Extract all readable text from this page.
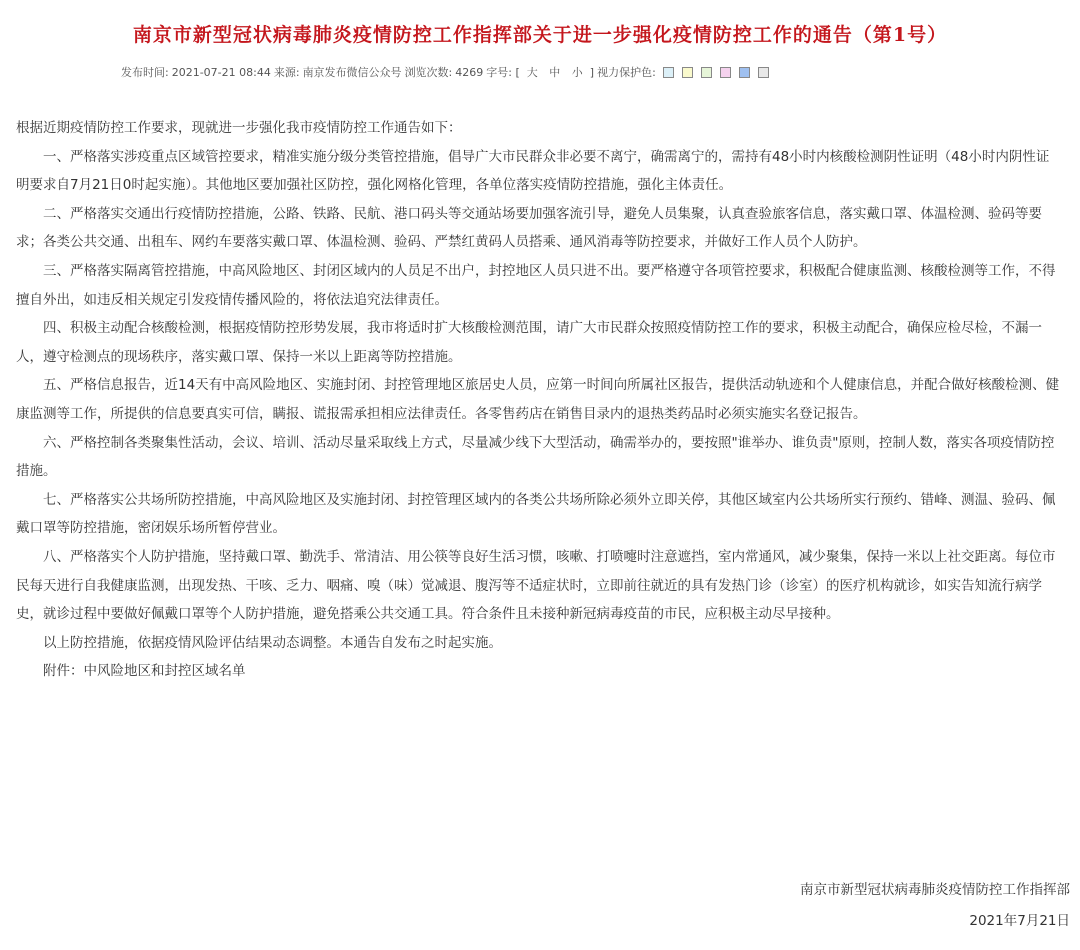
南京市新型冠状病毒肺炎疫情防控工作指挥部关于进一步强化疫情防控工作的通告（第1号）
发布时间: 2021-07-21 08:44 来源: 南京发布微信公众号 浏览次数: 4269 字号: [ 大 中 小 ] 视力保护色:

根据近期疫情防控工作要求，现就进一步强化我市疫情防控工作通告如下：

一、严格落实涉疫重点区域管控要求，精准实施分级分类管控措施，倡导广大市民群众非必要不离宁，确需离宁的，需持有48小时内核酸检测阴性证明（48小时内阴性证明要求自7月21日0时起实施）。其他地区要加强社区防控，强化网格化管理，各单位落实疫情防控措施，强化主体责任。

二、严格落实交通出行疫情防控措施，公路、铁路、民航、港口码头等交通站场要加强客流引导，避免人员集聚，认真查验旅客信息，落实戴口罩、体温检测、验码等要求；各类公共交通、出租车、网约车要落实戴口罩、体温检测、验码、严禁红黄码人员搭乘、通风消毒等防控要求，并做好工作人员个人防护。

三、严格落实隔离管控措施，中高风险地区、封闭区域内的人员足不出户，封控地区人员只进不出。要严格遵守各项管控要求，积极配合健康监测、核酸检测等工作，不得擅自外出，如违反相关规定引发疫情传播风险的，将依法追究法律责任。

四、积极主动配合核酸检测，根据疫情防控形势发展，我市将适时扩大核酸检测范围，请广大市民群众按照疫情防控工作的要求，积极主动配合，确保应检尽检，不漏一人，遵守检测点的现场秩序，落实戴口罩、保持一米以上距离等防控措施。

五、严格信息报告，近14天有中高风险地区、实施封闭、封控管理地区旅居史人员，应第一时间向所属社区报告，提供活动轨迹和个人健康信息，并配合做好核酸检测、健康监测等工作，所提供的信息要真实可信，瞒报、谎报需承担相应法律责任。各零售药店在销售目录内的退热类药品时必须实施实名登记报告。

六、严格控制各类聚集性活动，会议、培训、活动尽量采取线上方式，尽量减少线下大型活动，确需举办的，要按照"谁举办、谁负责"原则，控制人数，落实各项疫情防控措施。

七、严格落实公共场所防控措施，中高风险地区及实施封闭、封控管理区域内的各类公共场所除必须外立即关停，其他区域室内公共场所实行预约、错峰、测温、验码、佩戴口罩等防控措施，密闭娱乐场所暂停营业。

八、严格落实个人防护措施，坚持戴口罩、勤洗手、常清洁、用公筷等良好生活习惯，咳嗽、打喷嚏时注意遮挡，室内常通风，减少聚集，保持一米以上社交距离。每位市民每天进行自我健康监测，出现发热、干咳、乏力、咽痛、嗅（味）觉减退、腹泻等不适症状时，立即前往就近的具有发热门诊（诊室）的医疗机构就诊，如实告知流行病学史，就诊过程中要做好佩戴口罩等个人防护措施，避免搭乘公共交通工具。符合条件且未接种新冠病毒疫苗的市民，应积极主动尽早接种。

以上防控措施，依据疫情风险评估结果动态调整。本通告自发布之时起实施。

附件：中风险地区和封控区域名单

南京市新型冠状病毒肺炎疫情防控工作指挥部
2021年7月21日
